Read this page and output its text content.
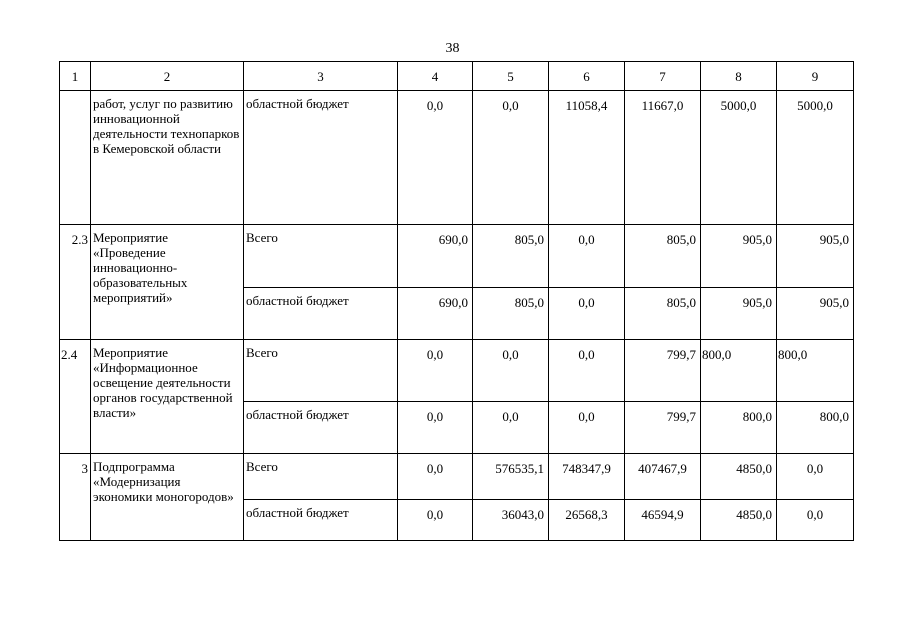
38
1	2	3	4	5	6	7	8	9
	работ, услуг по развитию инновационной деятельности технопарков в Кемеровской области	областной бюджет	0,0	0,0	11058,4	11667,0	5000,0	5000,0
2.3	Мероприятие «Проведение инновационно-образовательных мероприятий»	Всего	690,0	805,0	0,0	805,0	905,0	905,0
		областной бюджет	690,0	805,0	0,0	805,0	905,0	905,0
2.4	Мероприятие «Информационное освещение деятельности органов государственной власти»	Всего	0,0	0,0	0,0	799,7	800,0	800,0
		областной бюджет	0,0	0,0	0,0	799,7	800,0	800,0
3	Подпрограмма «Модернизация экономики моногородов»	Всего	0,0	576535,1	748347,9	407467,9	4850,0	0,0
		областной бюджет	0,0	36043,0	26568,3	46594,9	4850,0	0,0
